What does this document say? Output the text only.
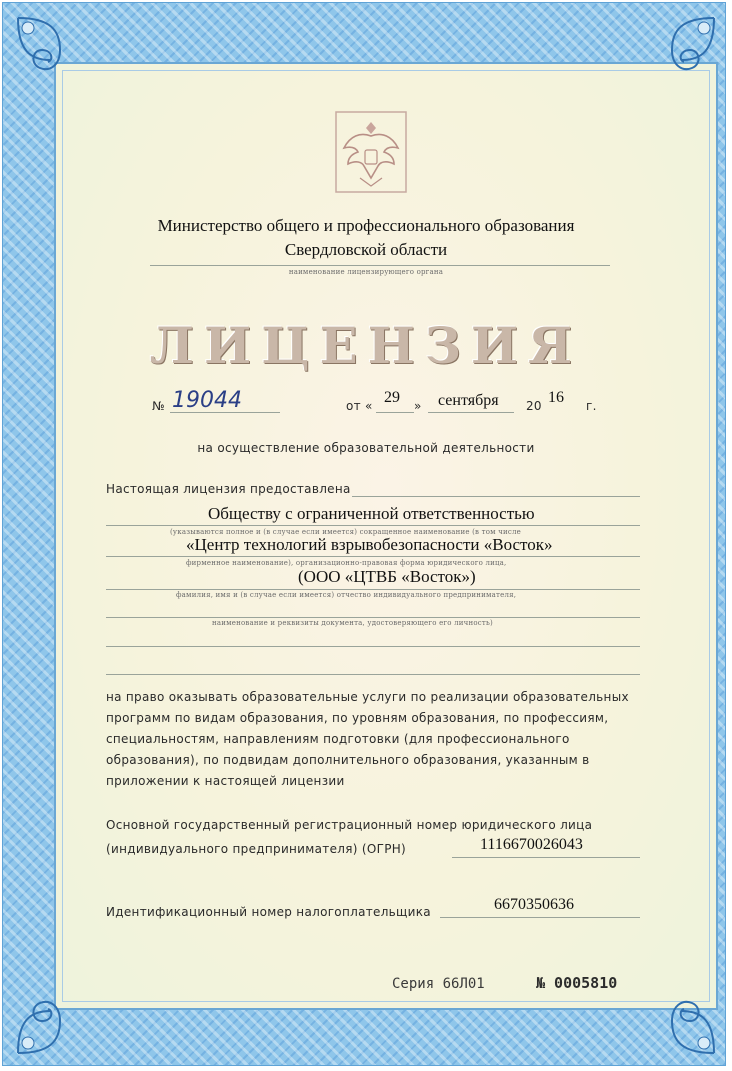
Министерство общего и профессионального образования
Свердловской области
наименование лицензирующего органа
ЛИЦЕНЗИЯ
№ 19044	от « 29 » сентября 20 16 г.
на осуществление образовательной деятельности
Настоящая лицензия предоставлена
Обществу с ограниченной ответственностью
(указываются полное и (в случае если имеется) сокращенное наименование (в том числе
«Центр технологий взрывобезопасности «Восток»
фирменное наименование), организационно-правовая форма юридического лица,
(ООО «ЦТВБ «Восток»)
фамилия, имя и (в случае если имеется) отчество индивидуального предпринимателя,
наименование и реквизиты документа, удостоверяющего его личность)
на право оказывать образовательные услуги по реализации образовательных
программ по видам образования, по уровням образования, по профессиям,
специальностям, направлениям подготовки (для профессионального
образования), по подвидам дополнительного образования, указанным в
приложении к настоящей лицензии
Основной государственный регистрационный номер юридического лица
(индивидуального предпринимателя) (ОГРН)	1116670026043
Идентификационный номер налогоплательщика	6670350636
Серия 66Л01	№ 0005810
